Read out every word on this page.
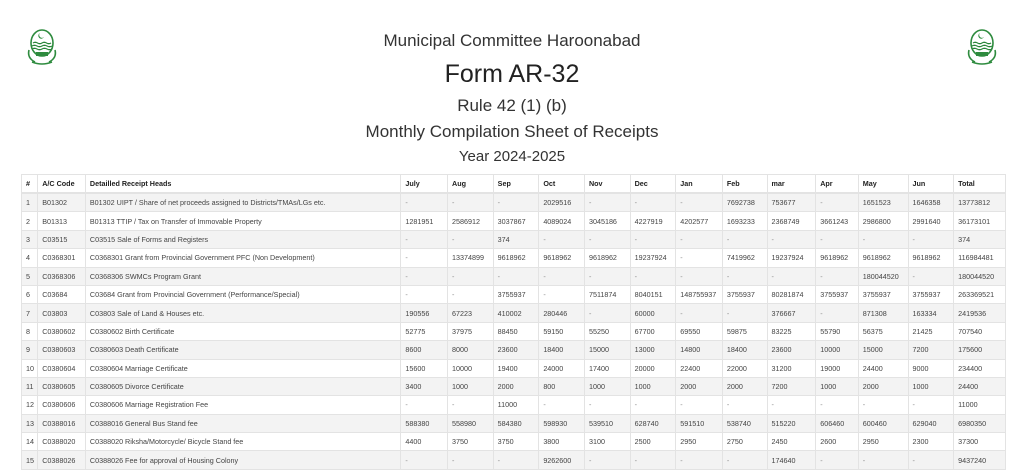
Municipal Committee Haroonabad
Form AR-32
Rule 42 (1) (b)
Monthly Compilation Sheet of Receipts
Year 2024-2025
#	A/C Code	Detailled Receipt Heads	July	Aug	Sep	Oct	Nov	Dec	Jan	Feb	mar	Apr	May	Jun	Total
1	B01302	B01302 UIPT / Share of net proceeds assigned to Districts/TMAs/LGs etc.	-	-	-	2029516	-	-	-	7692738	753677	-	1651523	1646358	13773812
2	B01313	B01313 TTIP / Tax on Transfer of Immovable Property	1281951	2586912	3037867	4089024	3045186	4227919	4202577	1693233	2368749	3661243	2986800	2991640	36173101
3	C03515	C03515 Sale of Forms and Registers	-	-	374	-	-	-	-	-	-	-	-	-	374
4	C0368301	C0368301 Grant from Provincial Government PFC (Non Development)	-	13374899	9618962	9618962	9618962	19237924	-	7419962	19237924	9618962	9618962	9618962	116984481
5	C0368306	C0368306 SWMCs Program Grant	-	-	-	-	-	-	-	-	-	-	180044520	-	180044520
6	C03684	C03684 Grant from Provincial Government (Performance/Special)	-	-	3755937	-	7511874	8040151	148755937	3755937	80281874	3755937	3755937	3755937	263369521
7	C03803	C03803 Sale of Land & Houses etc.	190556	67223	410002	280446	-	60000	-	-	376667	-	871308	163334	2419536
8	C0380602	C0380602 Birth Certificate	52775	37975	88450	59150	55250	67700	69550	59875	83225	55790	56375	21425	707540
9	C0380603	C0380603 Death Certificate	8600	8000	23600	18400	15000	13000	14800	18400	23600	10000	15000	7200	175600
10	C0380604	C0380604 Marriage Certificate	15600	10000	19400	24000	17400	20000	22400	22000	31200	19000	24400	9000	234400
11	C0380605	C0380605 Divorce Certificate	3400	1000	2000	800	1000	1000	2000	2000	7200	1000	2000	1000	24400
12	C0380606	C0380606 Marriage Registration Fee	-	-	11000	-	-	-	-	-	-	-	-	-	11000
13	C0388016	C0388016 General Bus Stand fee	588380	558980	584380	598930	539510	628740	591510	538740	515220	606460	600460	629040	6980350
14	C0388020	C0388020 Riksha/Motorcycle/ Bicycle Stand fee	4400	3750	3750	3800	3100	2500	2950	2750	2450	2600	2950	2300	37300
15	C0388026	C0388026 Fee for approval of Housing Colony	-	-	-	9262600	-	-	-	-	174640	-	-	-	9437240
